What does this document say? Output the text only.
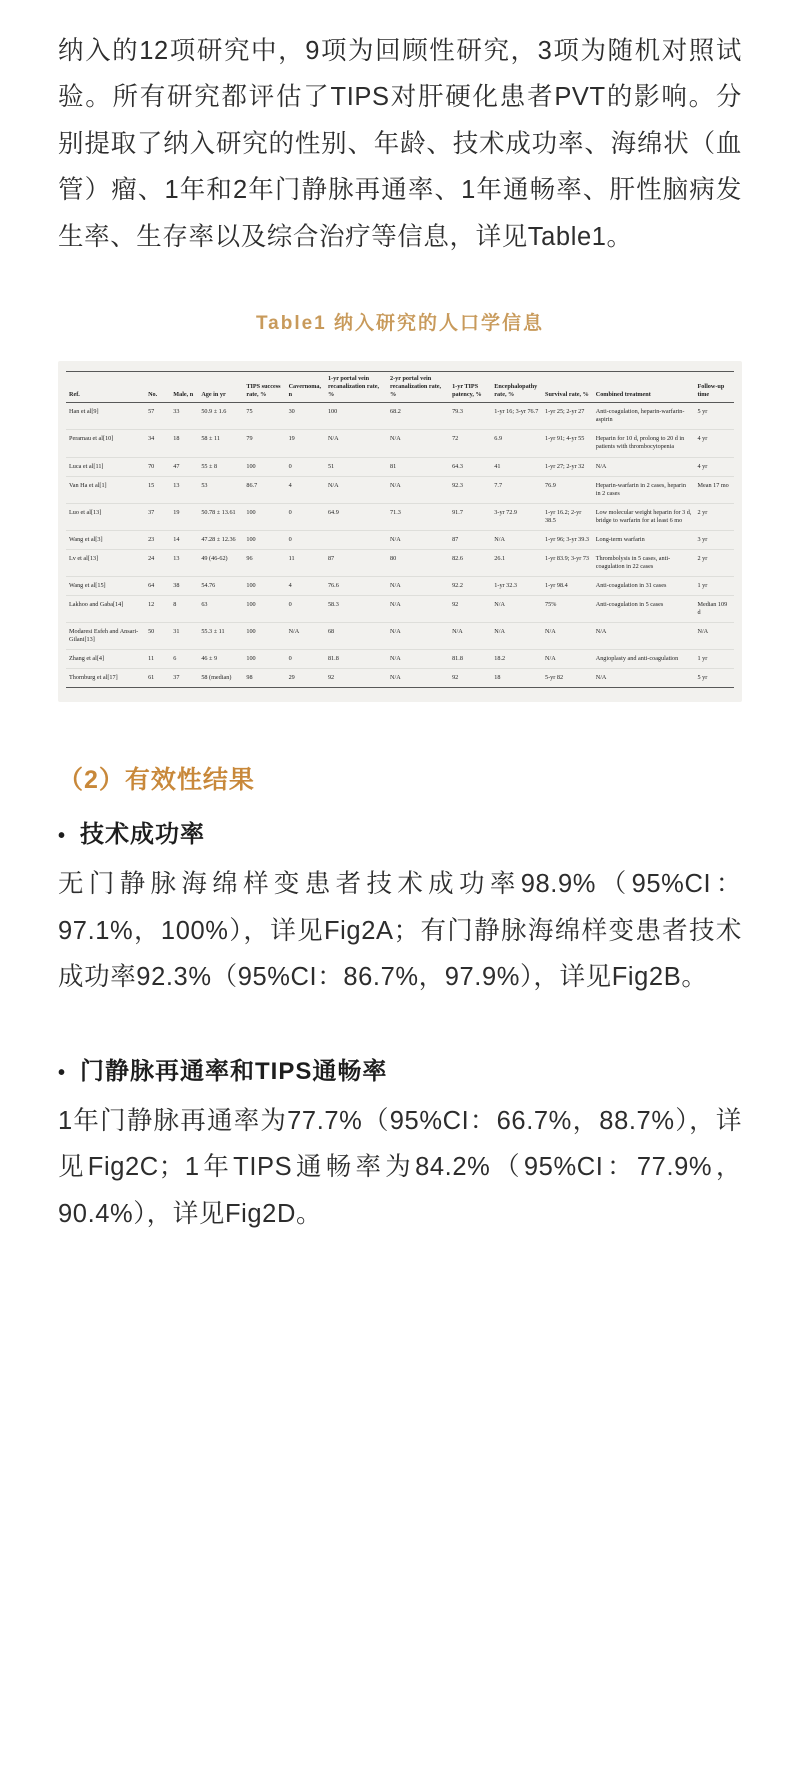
纳入的12项研究中，9项为回顾性研究，3项为随机对照试验。所有研究都评估了TIPS对肝硬化患者PVT的影响。分别提取了纳入研究的性别、年龄、技术成功率、海绵状（血管）瘤、1年和2年门静脉再通率、1年通畅率、肝性脑病发生率、生存率以及综合治疗等信息，详见Table1。

Table1 纳入研究的人口学信息
Ref.	No.	Male, n	Age in yr	TIPS success rate, %	Cavernoma, n	1-yr portal vein recanalization rate, %	2-yr portal vein recanalization rate, %	1-yr TIPS patency, %	Encephalopathy rate, %	Survival rate, %	Combined treatment	Follow-up time
Han et al[9]	57	33	50.9 ± 1.6	75	30	100	68.2	79.3	1-yr 16; 3-yr 76.7	1-yr 25; 2-yr 27	Anti-coagulation, heparin-warfarin-aspirin	5 yr
Perarnau et al[10]	34	18	58 ± 11	79	19	N/A	N/A	72	6.9	1-yr 91; 4-yr 55	Heparin for 10 d, prolong to 20 d in patients with thrombocytopenia	4 yr
Luca et al[11]	70	47	55 ± 8	100	0	51	81	64.3	41	1-yr 27; 2-yr 32	N/A	4 yr
Van Ha et al[1]	15	13	53	86.7	4	N/A	N/A	92.3	7.7	76.9	Heparin-warfarin in 2 cases, heparin in 2 cases	Mean 17 mo
Luo et al[13]	37	19	50.78 ± 13.61	100	0	64.9	71.3	91.7	3-yr 72.9	1-yr 16.2; 2-yr 38.5	Low molecular weight heparin for 3 d, bridge to warfarin for at least 6 mo	2 yr
Wang et al[3]	23	14	47.28 ± 12.36	100	0		N/A	87	N/A	1-yr 96; 3-yr 39.3	Long-term warfarin	3 yr
Lv et al[13]	24	13	49 (46-62)	96	11	87	80	82.6	26.1	1-yr 83.9; 3-yr 73	Thrombolysis in 5 cases, anti-coagulation in 22 cases	2 yr
Wang et al[15]	64	38	54.76	100	4	76.6	N/A	92.2	1-yr 32.3	1-yr 98.4	Anti-coagulation in 31 cases	1 yr
Lakhoo and Gaba[14]	12	8	63	100	0	58.3	N/A	92	N/A	75%	Anti-coagulation in 5 cases	Median 109 d
Modaresi Esfeh and Ansari-Gilani[13]	50	31	55.3 ± 11	100	N/A	68	N/A	N/A	N/A	N/A	N/A	N/A
Zhang et al[4]	11	6	46 ± 9	100	0	81.8	N/A	81.8	18.2	N/A	Angioplasty and anti-coagulation	1 yr
Thornburg et al[17]	61	37	58 (median)	98	29	92	N/A	92	18	5-yr 82	N/A	5 yr
（2）有效性结果
• 技术成功率

无门静脉海绵样变患者技术成功率98.9%（95%CI：97.1%，100%），详见Fig2A；有门静脉海绵样变患者技术成功率92.3%（95%CI：86.7%，97.9%），详见Fig2B。

• 门静脉再通率和TIPS通畅率

1年门静脉再通率为77.7%（95%CI：66.7%，88.7%），详见Fig2C；1年TIPS通畅率为84.2%（95%CI：77.9%，90.4%），详见Fig2D。
